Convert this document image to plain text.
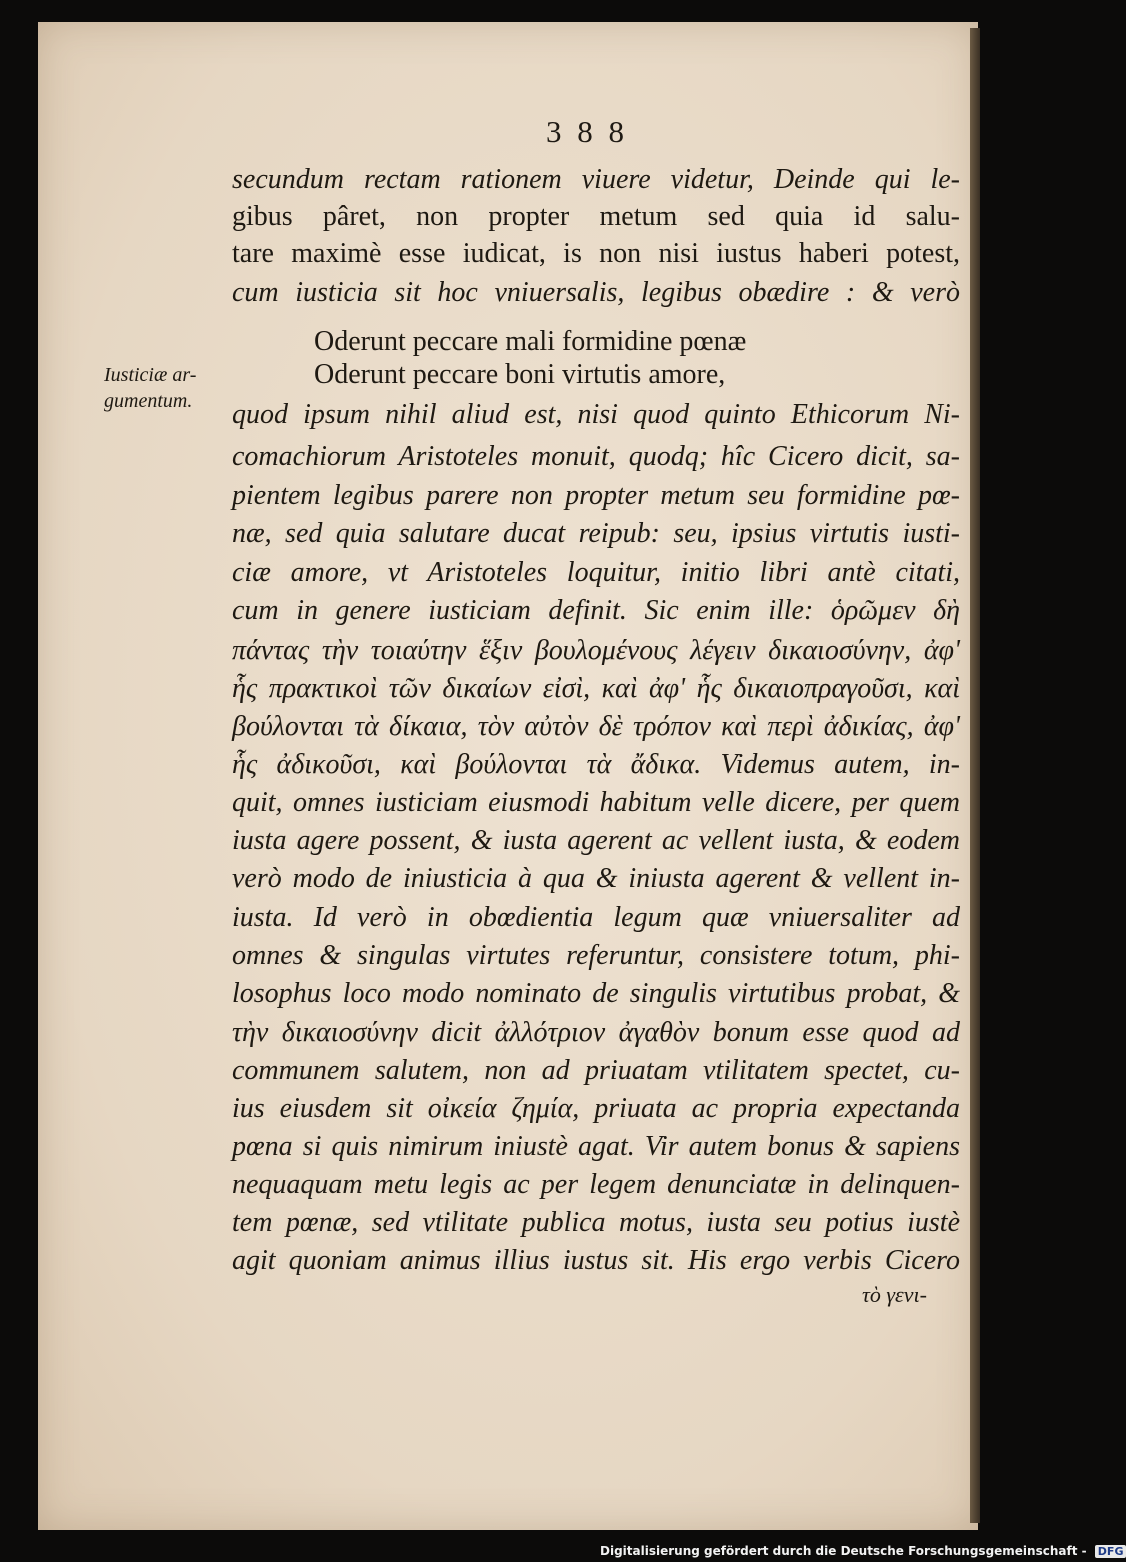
3 8 8
Iusticiæ ar-
gumentum.
secundum rectam rationem viuere videtur, Deinde qui le-
gibus pâret, non propter metum sed quia id salu-
tare maximè esse iudicat, is non nisi iustus haberi potest,
cum iusticia sit hoc vniuersalis, legibus obædire : & verò
Oderunt peccare mali formidine pœnæ
Oderunt peccare boni virtutis amore,
quod ipsum nihil aliud est, nisi quod quinto Ethicorum Ni-
comachiorum Aristoteles monuit, quodq; hîc Cicero dicit, sa-
pientem legibus parere non propter metum seu formidine pœ-
næ, sed quia salutare ducat reipub: seu, ipsius virtutis iusti-
ciæ amore, vt Aristoteles loquitur, initio libri antè citati,
cum in genere iusticiam definit. Sic enim ille: ὁρῶμεν δὴ
πάντας τὴν τοιαύτην ἕξιν βουλομένους λέγειν δικαιοσύνην, ἀφ'
ἧς πρακτικοὶ τῶν δικαίων εἰσὶ, καὶ ἀφ' ἧς δικαιοπραγοῦσι, καὶ
βούλονται τὰ δίκαια, τὸν αὐτὸν δὲ τρόπον καὶ περὶ ἀδικίας, ἀφ'
ἧς ἀδικοῦσι, καὶ βούλονται τὰ ἄδικα. Videmus autem, in-
quit, omnes iusticiam eiusmodi habitum velle dicere, per quem
iusta agere possent, & iusta agerent ac vellent iusta, & eodem
verò modo de iniusticia à qua & iniusta agerent & vellent in-
iusta. Id verò in obœdientia legum quæ vniuersaliter ad
omnes & singulas virtutes referuntur, consistere totum, phi-
losophus loco modo nominato de singulis virtutibus probat, &
τὴν δικαιοσύνην dicit ἀλλότριον ἀγαθὸν bonum esse quod ad
communem salutem, non ad priuatam vtilitatem spectet, cu-
ius eiusdem sit οἰκεία ζημία, priuata ac propria expectanda
pœna si quis nimirum iniustè agat. Vir autem bonus & sapiens
nequaquam metu legis ac per legem denunciatæ in delinquen-
tem pœnæ, sed vtilitate publica motus, iusta seu potius iustè
agit quoniam animus illius iustus sit. His ergo verbis Cicero
τὸ γενι-
Digitalisierung gefördert durch die Deutsche Forschungsgemeinschaft - DFG
